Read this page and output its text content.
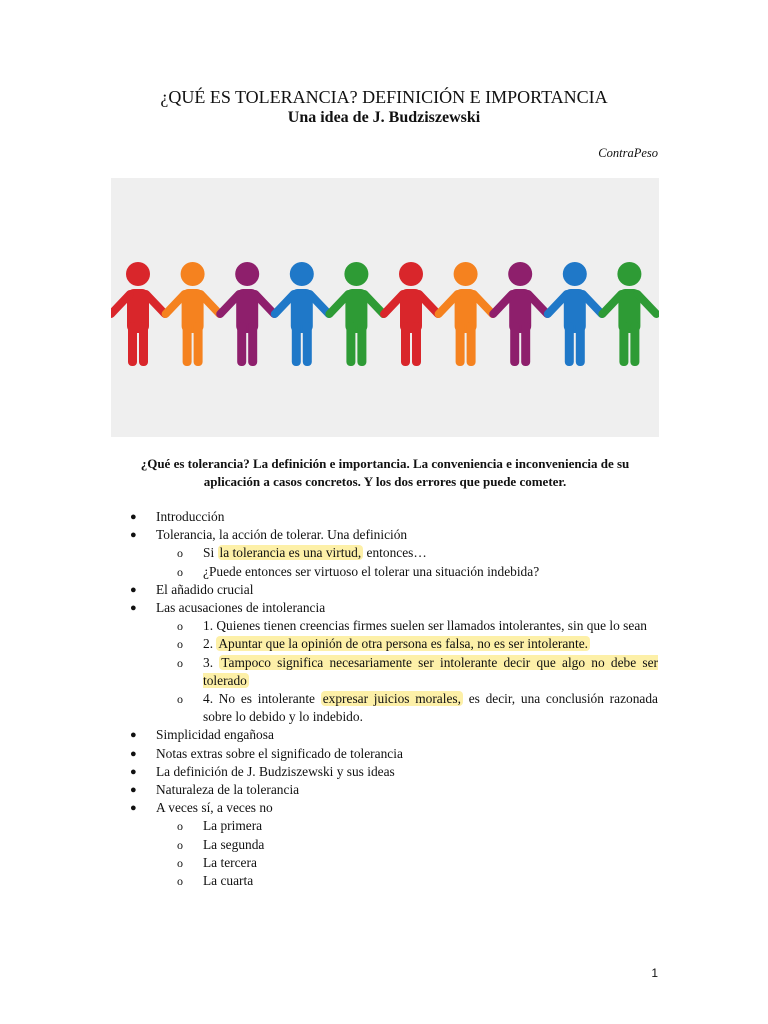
¿QUÉ ES TOLERANCIA? DEFINICIÓN E IMPORTANCIA
Una idea de J. Budziszewski
ContraPeso
¿Qué es tolerancia? La definición e importancia. La conveniencia e inconveniencia de su aplicación a casos concretos. Y los dos errores que puede cometer.
● Introducción
● Tolerancia, la acción de tolerar. Una definición
o Si la tolerancia es una virtud, entonces…
o ¿Puede entonces ser virtuoso el tolerar una situación indebida?
● El añadido crucial
● Las acusaciones de intolerancia
o 1. Quienes tienen creencias firmes suelen ser llamados intolerantes, sin que lo sean
o 2. Apuntar que la opinión de otra persona es falsa, no es ser intolerante.
o 3. Tampoco significa necesariamente ser intolerante decir que algo no debe ser tolerado
o 4. No es intolerante expresar juicios morales, es decir, una conclusión razonada sobre lo debido y lo indebido.
● Simplicidad engañosa
● Notas extras sobre el significado de tolerancia
● La definición de J. Budziszewski y sus ideas
● Naturaleza de la tolerancia
● A veces sí, a veces no
o La primera
o La segunda
o La tercera
o La cuarta
1
